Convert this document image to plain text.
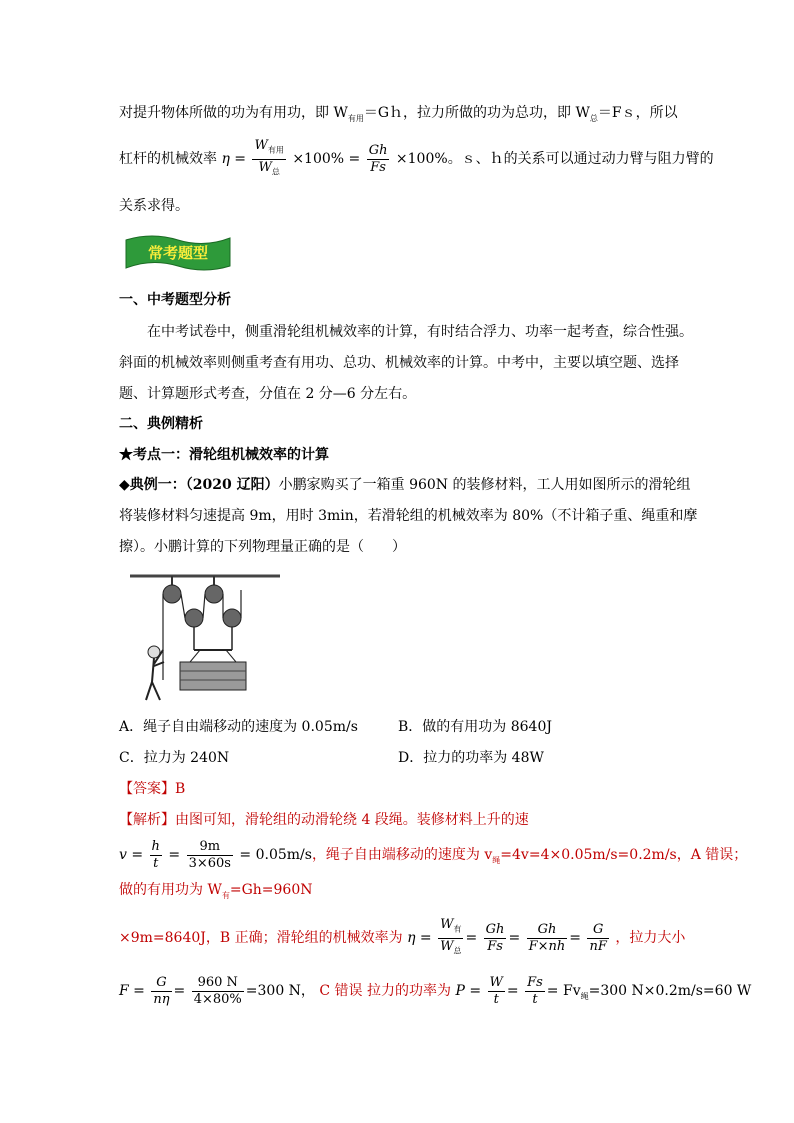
对提升物体所做的功为有用功，即 $W_{有用}=Gh$，拉力所做的功为总功，即 $W_总=Fs$，所以
杠杆的机械效率 $\eta = \frac{W_{有用}}{W_总} \times 100\% = \frac{Gh}{Fs} \times 100\%$。ｓ、ｈ的关系可以通过动力臂与阻力臂的
关系求得。
常考题型
一、中考题型分析
在中考试卷中，侧重滑轮组机械效率的计算，有时结合浮力、功率一起考查，综合性强。
斜面的机械效率则侧重考查有用功、总功、机械效率的计算。中考中，主要以填空题、选择
题、计算题形式考查，分值在 2 分—6 分左右。
二、典例精析
★考点一：滑轮组机械效率的计算
◆典例一：（2020 辽阳）小鹏家购买了一箱重 960N 的装修材料，工人用如图所示的滑轮组
将装修材料匀速提高 9m，用时 3min，若滑轮组的机械效率为 80%（不计箱子重、绳重和摩
擦）。小鹏计算的下列物理量正确的是（　　）
A．绳子自由端移动的速度为 0.05m/s	B．做的有用功为 8640J
C．拉力为 240N	D．拉力的功率为 48W
【答案】B
【解析】由图可知，滑轮组的动滑轮绕 4 段绳。装修材料上升的速
$v = \frac{h}{t} = \frac{9m}{3\times 60s} = 0.05m/s$，绳子自由端移动的速度为 $v_绳=4v=4\times 0.05m/s=0.2m/s$，A 错误；
做的有用功为 $W_有=Gh=960N$
×9m=8640J，B 正确；滑轮组的机械效率为 $\eta = \frac{W_有}{W_总} = \frac{Gh}{Fs} = \frac{Gh}{F\times nh} = \frac{G}{nF}$ ，拉力大小
$F = \frac{G}{n\eta} = \frac{960 N}{4\times 80\%} =300$ N， C 错误 拉力的功率为 $P = \frac{W}{t} = \frac{Fs}{t} = Fv_绳=300$ N×0.2m/s=60 W
